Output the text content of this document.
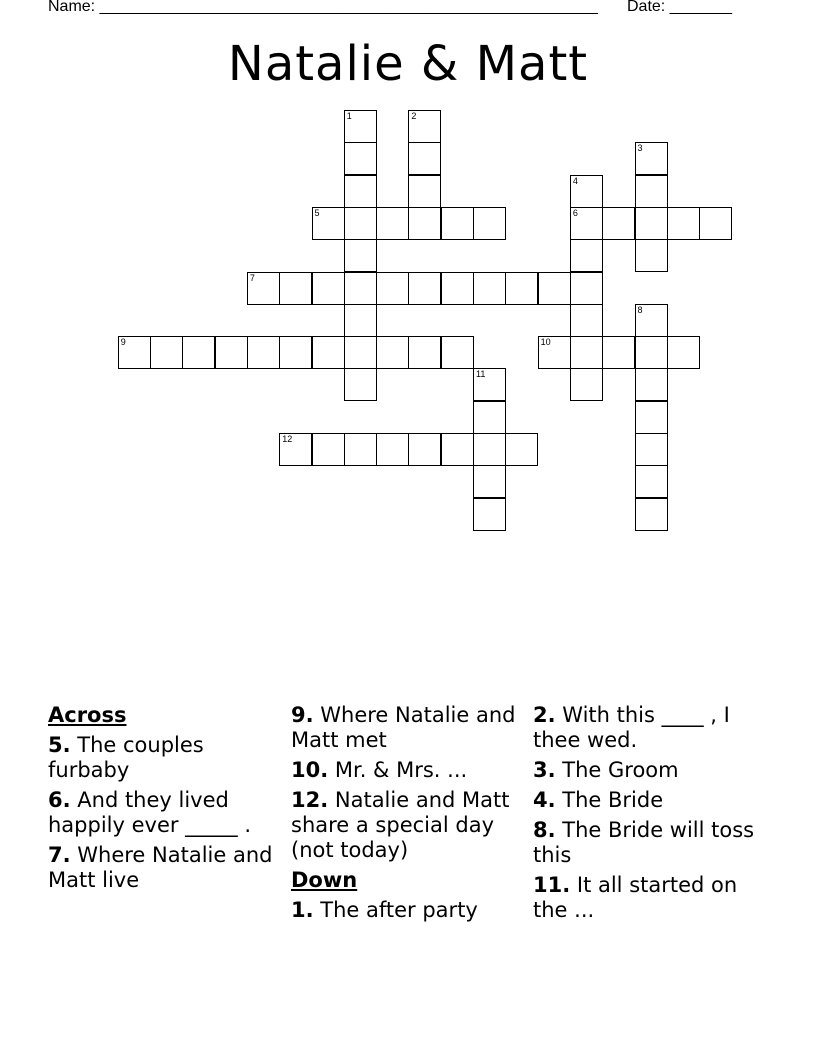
Name: ________________________________________________________ Date: _______
Natalie & Matt
1	2
3
4
5	6
7
8
9	10
11
12
Across
5. The couples furbaby
6. And they lived happily ever _____ .
7. Where Natalie and Matt live
9. Where Natalie and Matt met
10. Mr. & Mrs. ...
12. Natalie and Matt share a special day (not today)
Down
1. The after party
2. With this ____ , I thee wed.
3. The Groom
4. The Bride
8. The Bride will toss this
11. It all started on the ...
